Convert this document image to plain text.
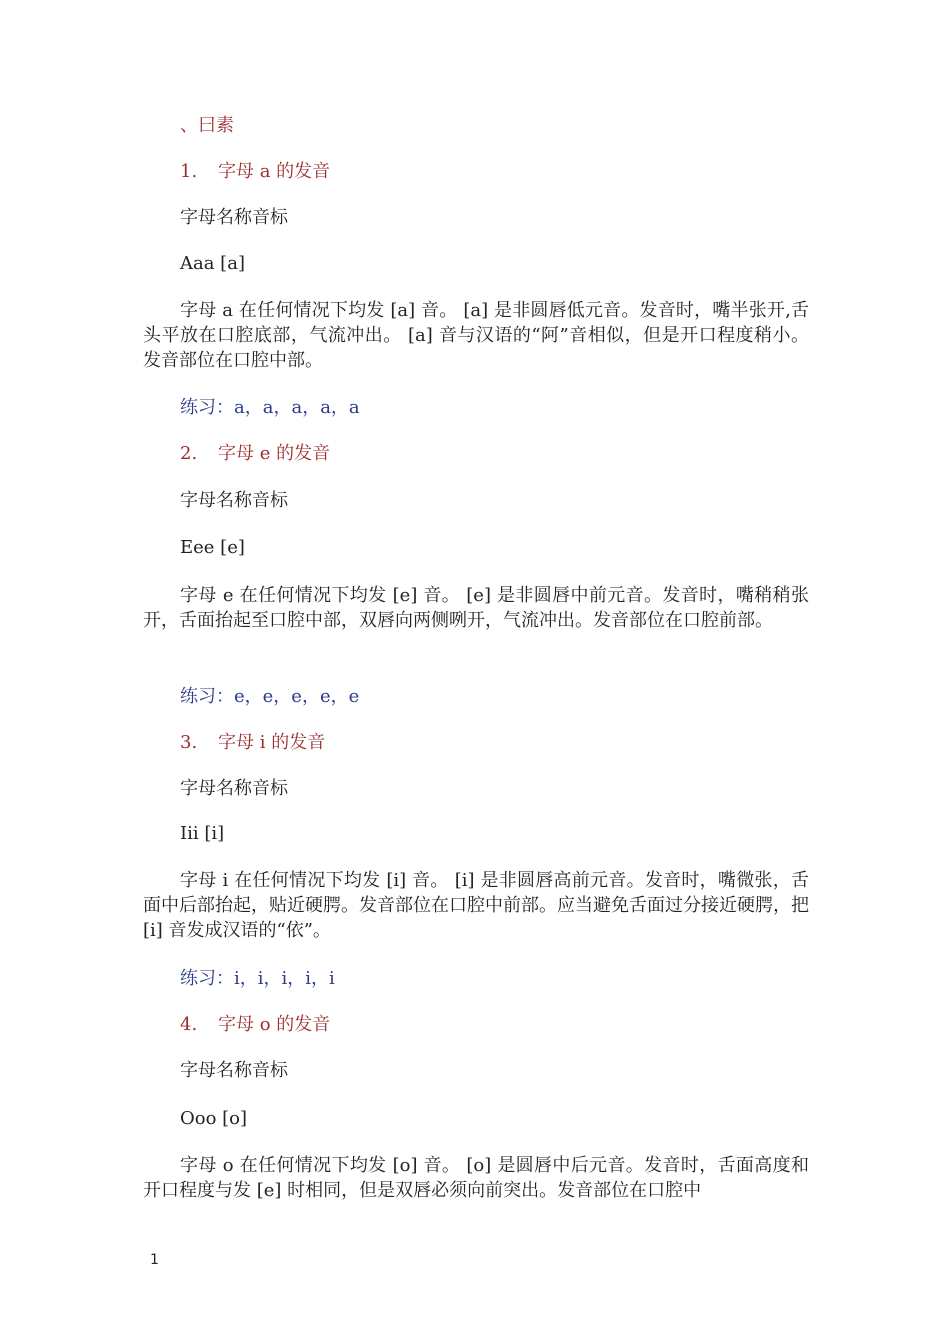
、曰素
1. 字母 a 的发音
字母名称音标
Aaa [a]
字母 a 在任何情况下均发 [a] 音。 [a] 是非圆唇低元音。发音时，嘴半张开,舌头平放在口腔底部，气流冲出。 [a] 音与汉语的“阿”音相似，但是开口程度稍小。发音部位在口腔中部。
练习：a，a，a，a，a
2. 字母 e 的发音
字母名称音标
Eee [e]
字母 e 在任何情况下均发 [e] 音。 [e] 是非圆唇中前元音。发音时，嘴稍稍张开，舌面抬起至口腔中部，双唇向两侧咧开，气流冲出。发音部位在口腔前部。
练习：e，e，e，e，e
3. 字母 i 的发音
字母名称音标
Iii [i]
字母 i 在任何情况下均发 [i] 音。 [i] 是非圆唇高前元音。发音时，嘴微张，舌面中后部抬起，贴近硬腭。发音部位在口腔中前部。应当避免舌面过分接近硬腭，把 [i] 音发成汉语的“依”。
练习：i，i，i，i，i
4. 字母 o 的发音
字母名称音标
Ooo [o]
字母 o 在任何情况下均发 [o] 音。 [o] 是圆唇中后元音。发音时，舌面高度和开口程度与发 [e] 时相同，但是双唇必须向前突出。发音部位在口腔中
1
